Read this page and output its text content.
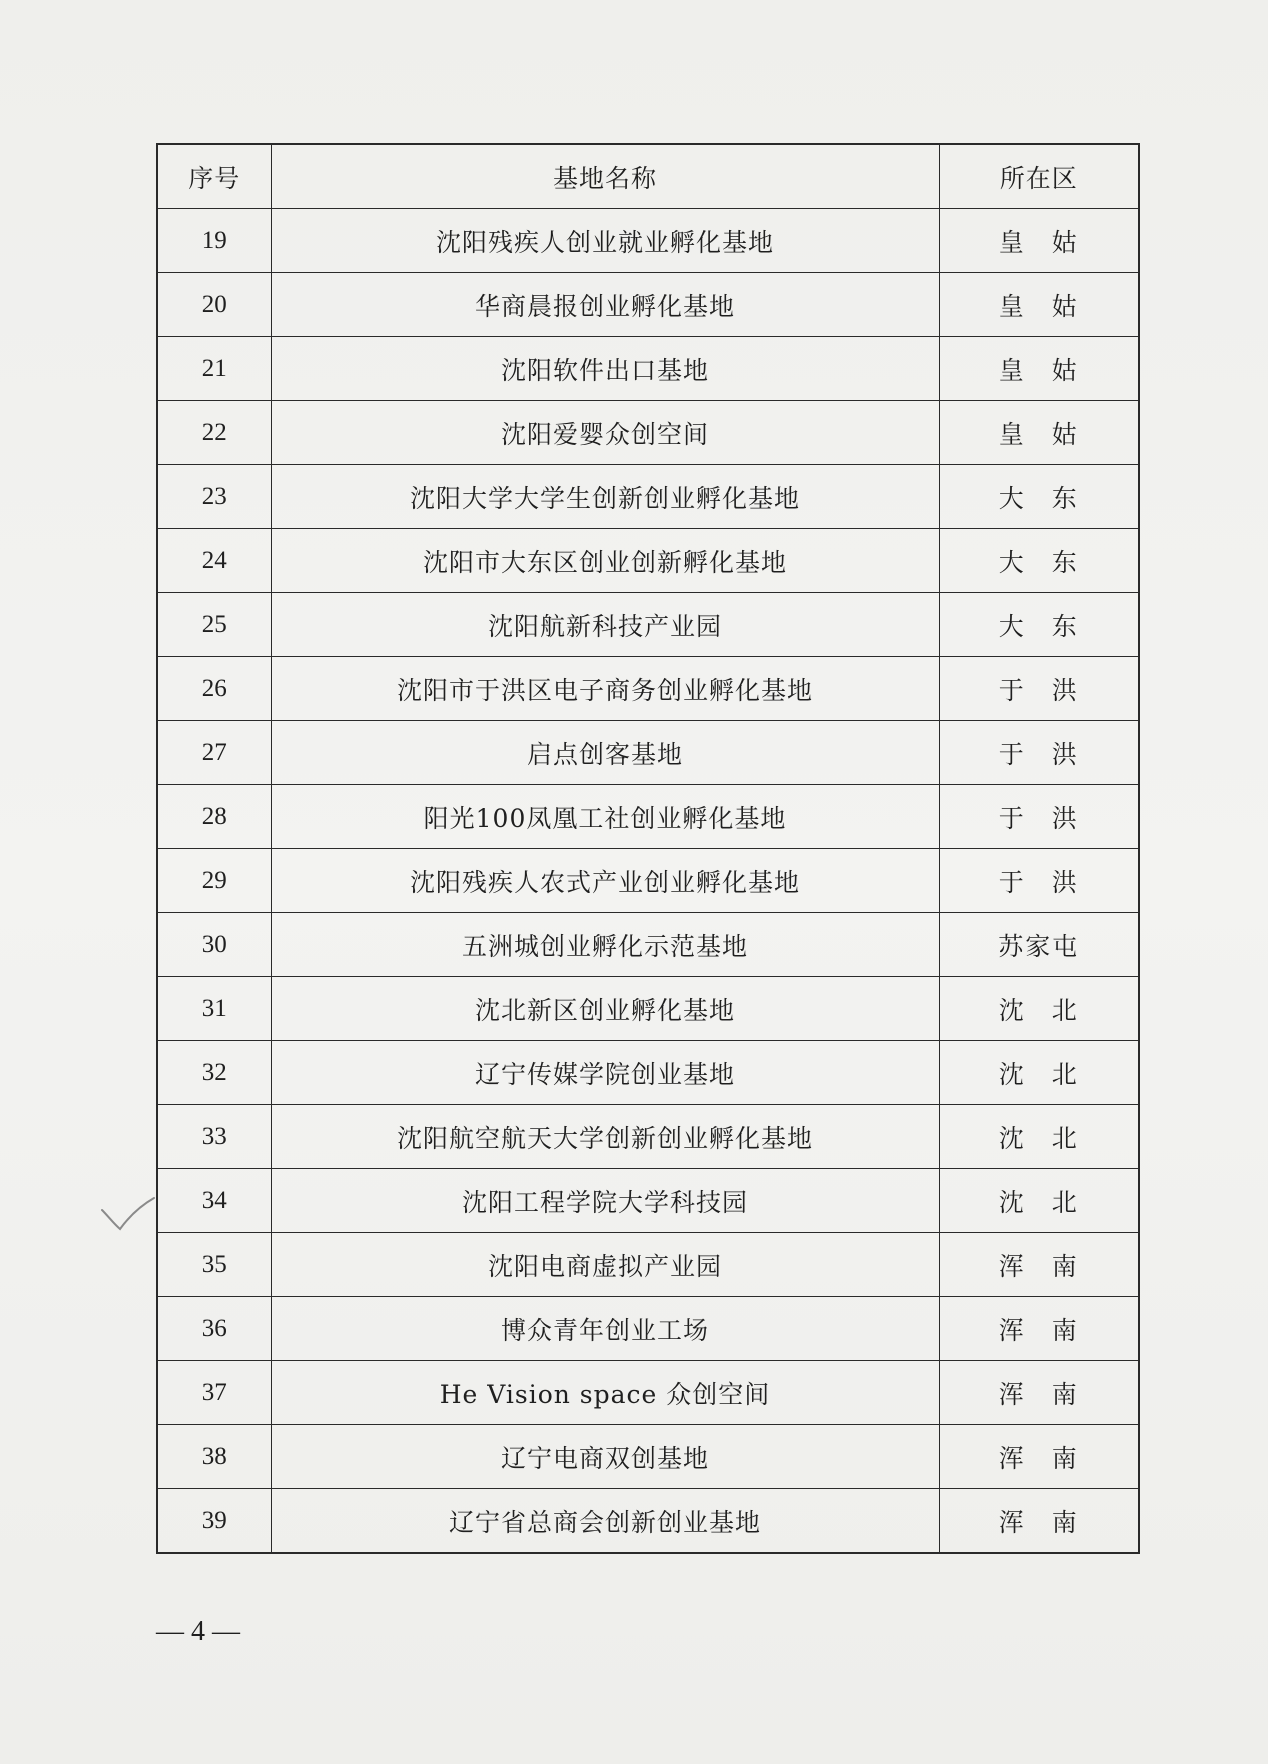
序号	基地名称	所在区
19	沈阳残疾人创业就业孵化基地	皇 姑
20	华商晨报创业孵化基地	皇 姑
21	沈阳软件出口基地	皇 姑
22	沈阳爱婴众创空间	皇 姑
23	沈阳大学大学生创新创业孵化基地	大 东
24	沈阳市大东区创业创新孵化基地	大 东
25	沈阳航新科技产业园	大 东
26	沈阳市于洪区电子商务创业孵化基地	于 洪
27	启点创客基地	于 洪
28	阳光100凤凰工社创业孵化基地	于 洪
29	沈阳残疾人农式产业创业孵化基地	于 洪
30	五洲城创业孵化示范基地	苏家屯
31	沈北新区创业孵化基地	沈 北
32	辽宁传媒学院创业基地	沈 北
33	沈阳航空航天大学创新创业孵化基地	沈 北
34	沈阳工程学院大学科技园	沈 北
35	沈阳电商虚拟产业园	浑 南
36	博众青年创业工场	浑 南
37	He Vision space 众创空间	浑 南
38	辽宁电商双创基地	浑 南
39	辽宁省总商会创新创业基地	浑 南
— 4 —
